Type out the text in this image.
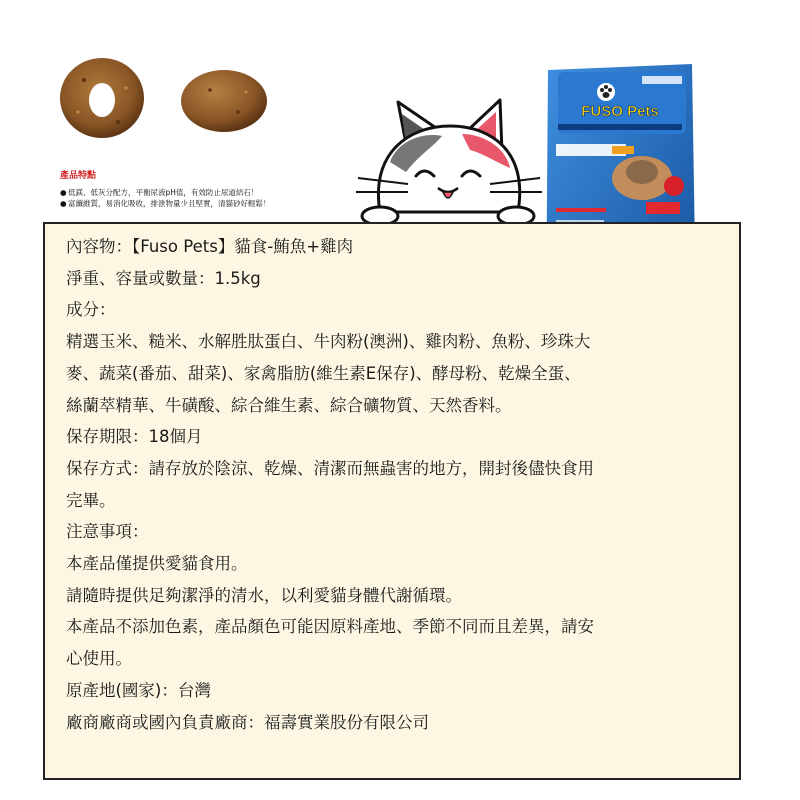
產品特點
●低鎂、低灰分配方，平衡尿液pH值，有效防止尿道結石！
●富纖維質，易消化吸收，排泄物量少且堅實，清貓砂好輕鬆！
FUSO Pets
內容物：【Fuso Pets】貓食-鮪魚+雞肉
淨重、容量或數量：1.5kg
成分：
精選玉米、糙米、水解胜肽蛋白、牛肉粉(澳洲)、雞肉粉、魚粉、珍珠大
麥、蔬菜(番茄、甜菜)、家禽脂肪(維生素E保存)、酵母粉、乾燥全蛋、
絲蘭萃精華、牛磺酸、綜合維生素、綜合礦物質、天然香料。
保存期限：18個月
保存方式：請存放於陰涼、乾燥、清潔而無蟲害的地方，開封後儘快食用
完畢。
注意事項：
本產品僅提供愛貓食用。
請隨時提供足夠潔淨的清水，以利愛貓身體代謝循環。
本產品不添加色素，產品顏色可能因原料產地、季節不同而且差異，請安
心使用。
原產地(國家)：台灣
廠商廠商或國內負責廠商：福壽實業股份有限公司
